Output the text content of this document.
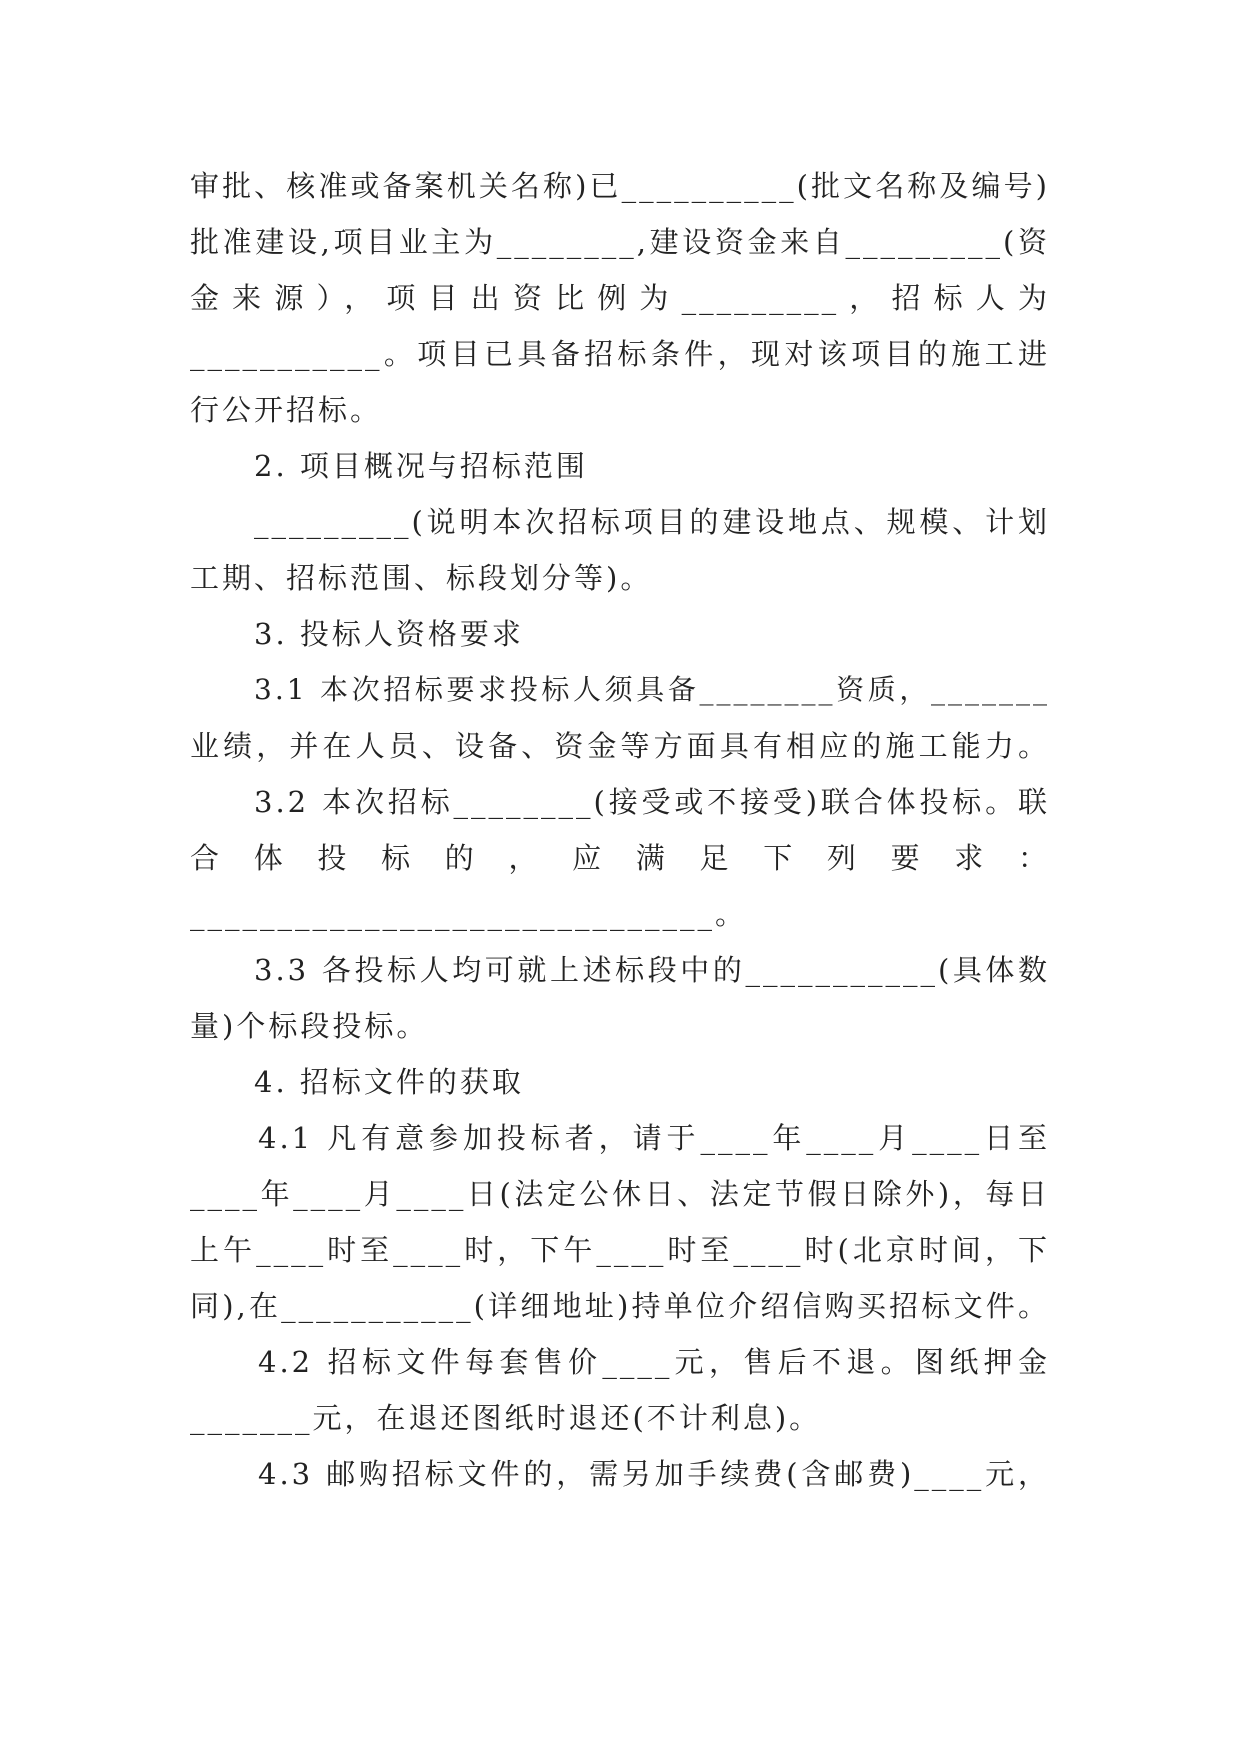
审批、核准或备案机关名称)已__________(批文名称及编号)
批准建设,项目业主为________,建设资金来自_________(资
金来源），项目出资比例为_________，招标人为
___________。项目已具备招标条件，现对该项目的施工进
行公开招标。
2. 项目概况与招标范围
_________(说明本次招标项目的建设地点、规模、计划
工期、招标范围、标段划分等)。
3. 投标人资格要求
3.1 本次招标要求投标人须具备________资质，_______
业绩，并在人员、设备、资金等方面具有相应的施工能力。
3.2 本次招标________(接受或不接受)联合体投标。联
合体投标的，应满足下列要求：
______________________________。
3.3 各投标人均可就上述标段中的___________(具体数
量)个标段投标。
4. 招标文件的获取
4.1 凡有意参加投标者，请于____年____月____日至
____年____月____日(法定公休日、法定节假日除外)，每日
上午____时至____时，下午____时至____时(北京时间，下
同),在___________(详细地址)持单位介绍信购买招标文件。
4.2 招标文件每套售价____元，售后不退。图纸押金
_______元，在退还图纸时退还(不计利息)。
4.3 邮购招标文件的，需另加手续费(含邮费)____元，
